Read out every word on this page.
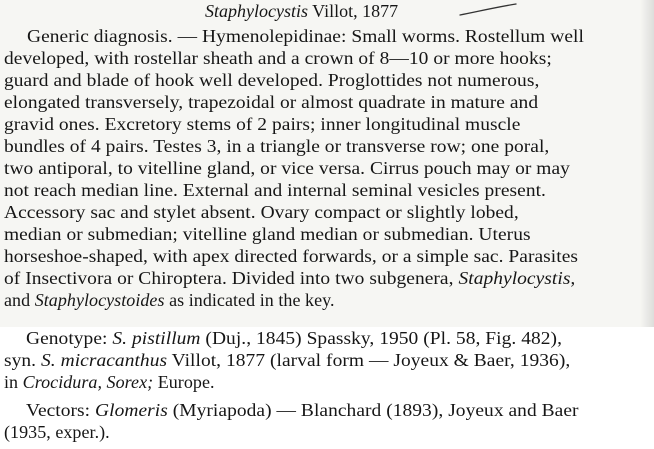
Staphylocystis Villot, 1877
Generic diagnosis. — Hymenolepidinae: Small worms. Rostellum well
developed, with rostellar sheath and a crown of 8—10 or more hooks;
guard and blade of hook well developed. Proglottides not numerous,
elongated transversely, trapezoidal or almost quadrate in mature and
gravid ones. Excretory stems of 2 pairs; inner longitudinal muscle
bundles of 4 pairs. Testes 3, in a triangle or transverse row; one poral,
two antiporal, to vitelline gland, or vice versa. Cirrus pouch may or may
not reach median line. External and internal seminal vesicles present.
Accessory sac and stylet absent. Ovary compact or slightly lobed,
median or submedian; vitelline gland median or submedian. Uterus
horseshoe-shaped, with apex directed forwards, or a simple sac. Parasites
of Insectivora or Chiroptera. Divided into two subgenera, Staphylocystis,
and Staphylocystoides as indicated in the key.
Genotype: S. pistillum (Duj., 1845) Spassky, 1950 (Pl. 58, Fig. 482),
syn. S. micracanthus Villot, 1877 (larval form — Joyeux & Baer, 1936),
in Crocidura, Sorex; Europe.
Vectors: Glomeris (Myriapoda) — Blanchard (1893), Joyeux and Baer
(1935, exper.).
